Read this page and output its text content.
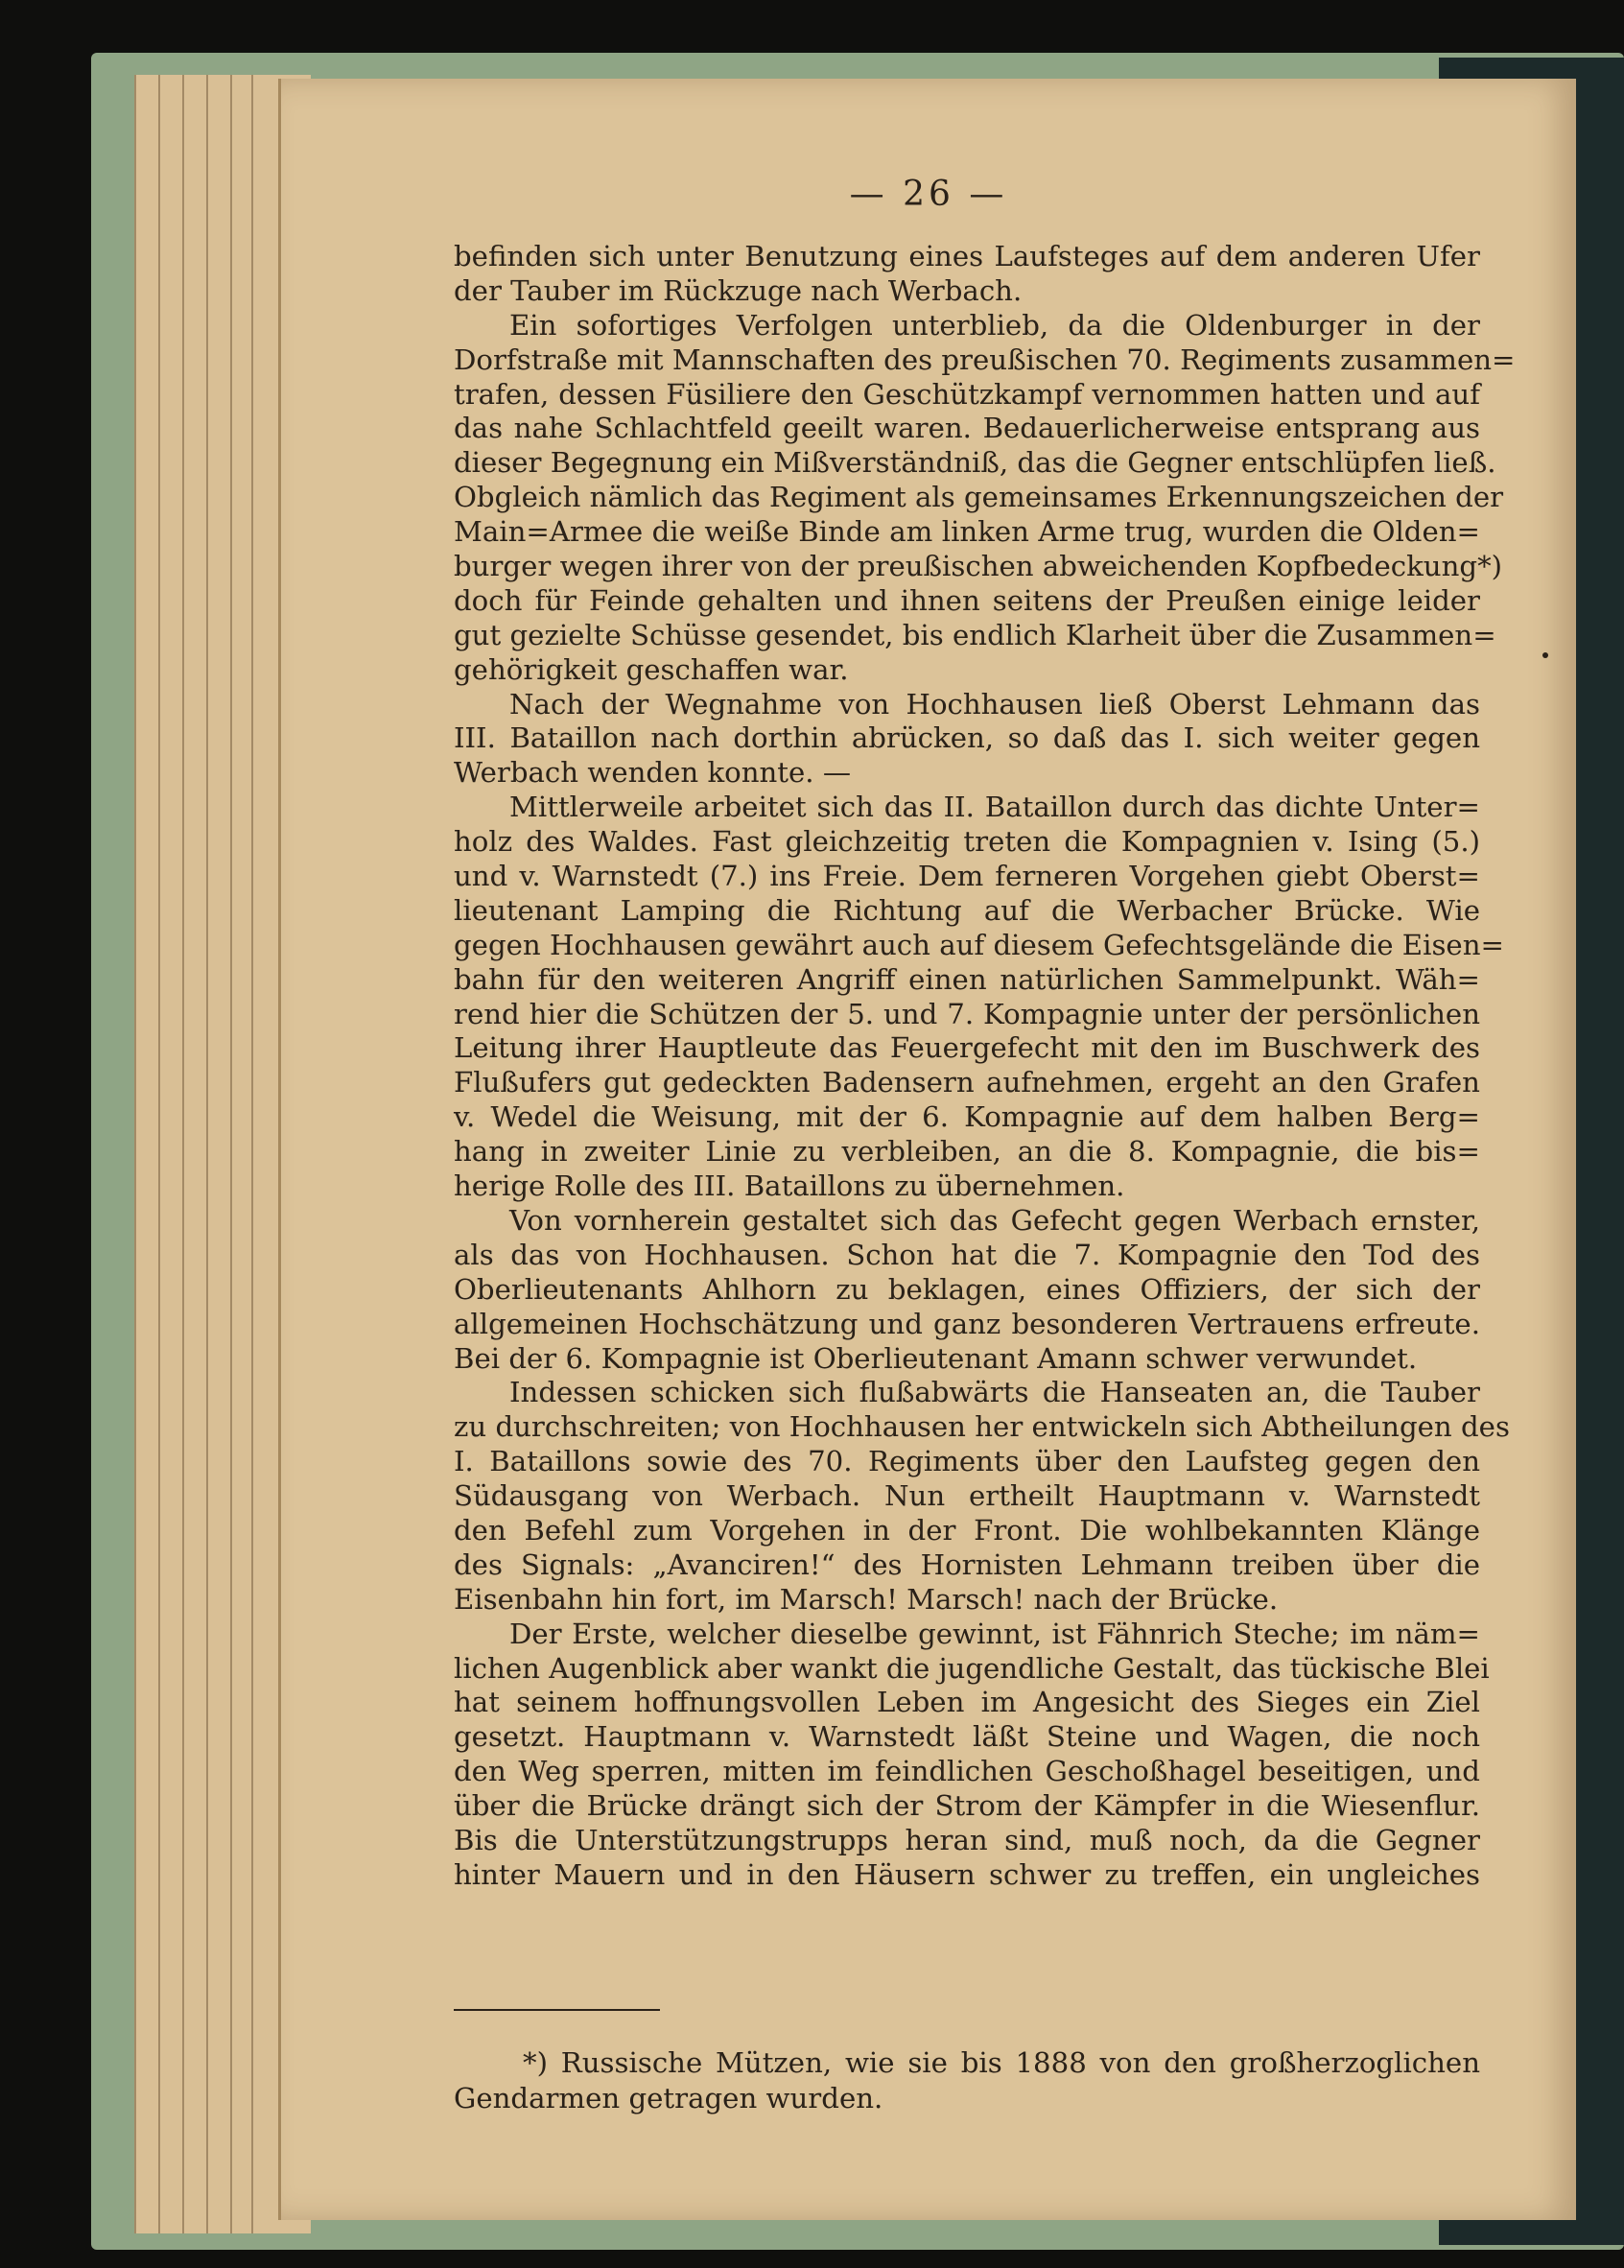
— 26 —
befinden sich unter Benutzung eines Laufsteges auf dem anderen Ufer
der Tauber im Rückzuge nach Werbach.
Ein sofortiges Verfolgen unterblieb, da die Oldenburger in der
Dorfstraße mit Mannschaften des preußischen 70. Regiments zusammen=
trafen, dessen Füsiliere den Geschützkampf vernommen hatten und auf
das nahe Schlachtfeld geeilt waren. Bedauerlicherweise entsprang aus
dieser Begegnung ein Mißverständniß, das die Gegner entschlüpfen ließ.
Obgleich nämlich das Regiment als gemeinsames Erkennungszeichen der
Main=Armee die weiße Binde am linken Arme trug, wurden die Olden=
burger wegen ihrer von der preußischen abweichenden Kopfbedeckung*)
doch für Feinde gehalten und ihnen seitens der Preußen einige leider
gut gezielte Schüsse gesendet, bis endlich Klarheit über die Zusammen=
gehörigkeit geschaffen war.
Nach der Wegnahme von Hochhausen ließ Oberst Lehmann das
III. Bataillon nach dorthin abrücken, so daß das I. sich weiter gegen
Werbach wenden konnte. —
Mittlerweile arbeitet sich das II. Bataillon durch das dichte Unter=
holz des Waldes. Fast gleichzeitig treten die Kompagnien v. Ising (5.)
und v. Warnstedt (7.) ins Freie. Dem ferneren Vorgehen giebt Oberst=
lieutenant Lamping die Richtung auf die Werbacher Brücke. Wie
gegen Hochhausen gewährt auch auf diesem Gefechtsgelände die Eisen=
bahn für den weiteren Angriff einen natürlichen Sammelpunkt. Wäh=
rend hier die Schützen der 5. und 7. Kompagnie unter der persönlichen
Leitung ihrer Hauptleute das Feuergefecht mit den im Buschwerk des
Flußufers gut gedeckten Badensern aufnehmen, ergeht an den Grafen
v. Wedel die Weisung, mit der 6. Kompagnie auf dem halben Berg=
hang in zweiter Linie zu verbleiben, an die 8. Kompagnie, die bis=
herige Rolle des III. Bataillons zu übernehmen.
Von vornherein gestaltet sich das Gefecht gegen Werbach ernster,
als das von Hochhausen. Schon hat die 7. Kompagnie den Tod des
Oberlieutenants Ahlhorn zu beklagen, eines Offiziers, der sich der
allgemeinen Hochschätzung und ganz besonderen Vertrauens erfreute.
Bei der 6. Kompagnie ist Oberlieutenant Amann schwer verwundet.
Indessen schicken sich flußabwärts die Hanseaten an, die Tauber
zu durchschreiten; von Hochhausen her entwickeln sich Abtheilungen des
I. Bataillons sowie des 70. Regiments über den Laufsteg gegen den
Südausgang von Werbach. Nun ertheilt Hauptmann v. Warnstedt
den Befehl zum Vorgehen in der Front. Die wohlbekannten Klänge
des Signals: „Avanciren!“ des Hornisten Lehmann treiben über die
Eisenbahn hin fort, im Marsch! Marsch! nach der Brücke.
Der Erste, welcher dieselbe gewinnt, ist Fähnrich Steche; im näm=
lichen Augenblick aber wankt die jugendliche Gestalt, das tückische Blei
hat seinem hoffnungsvollen Leben im Angesicht des Sieges ein Ziel
gesetzt. Hauptmann v. Warnstedt läßt Steine und Wagen, die noch
den Weg sperren, mitten im feindlichen Geschoßhagel beseitigen, und
über die Brücke drängt sich der Strom der Kämpfer in die Wiesenflur.
Bis die Unterstützungstrupps heran sind, muß noch, da die Gegner
hinter Mauern und in den Häusern schwer zu treffen, ein ungleiches
*) Russische Mützen, wie sie bis 1888 von den großherzoglichen
Gendarmen getragen wurden.
